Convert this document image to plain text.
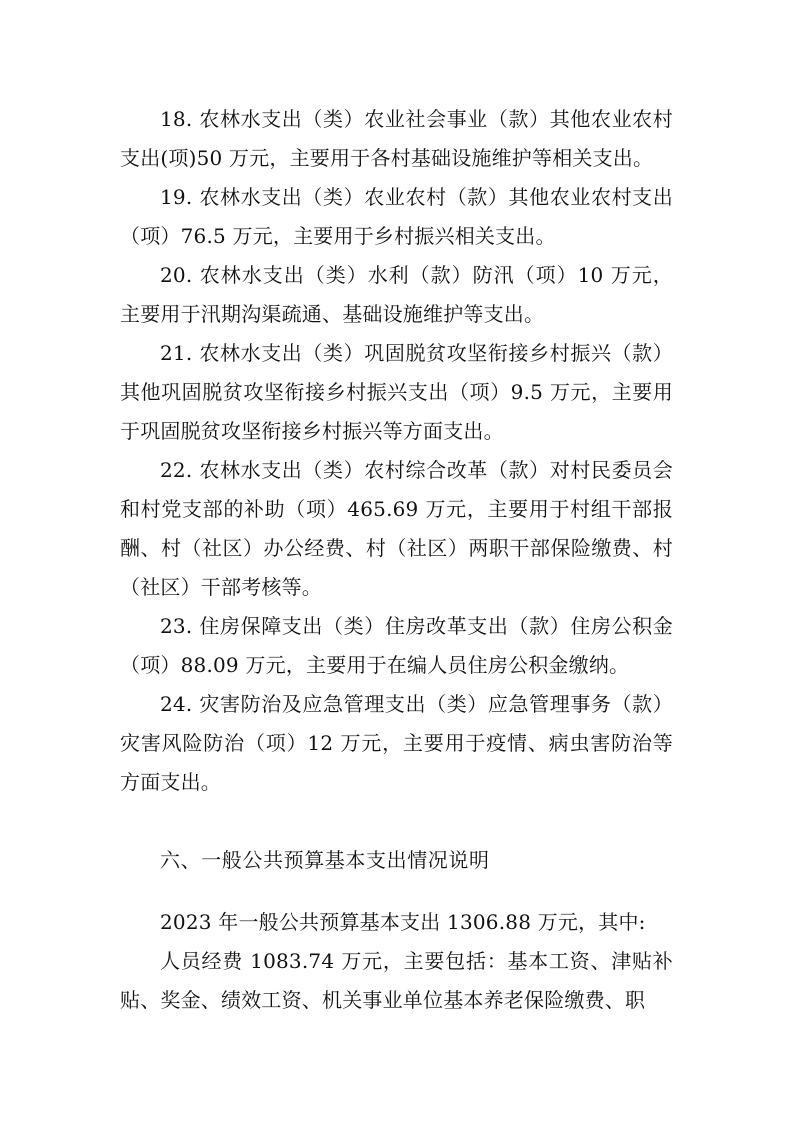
18. 农林水支出（类）农业社会事业（款）其他农业农村支出(项)50 万元，主要用于各村基础设施维护等相关支出。

19. 农林水支出（类）农业农村（款）其他农业农村支出（项）76.5 万元，主要用于乡村振兴相关支出。

20. 农林水支出（类）水利（款）防汛（项）10 万元，主要用于汛期沟渠疏通、基础设施维护等支出。

21. 农林水支出（类）巩固脱贫攻坚衔接乡村振兴（款）其他巩固脱贫攻坚衔接乡村振兴支出（项）9.5 万元，主要用于巩固脱贫攻坚衔接乡村振兴等方面支出。

22. 农林水支出（类）农村综合改革（款）对村民委员会和村党支部的补助（项）465.69 万元，主要用于村组干部报酬、村（社区）办公经费、村（社区）两职干部保险缴费、村（社区）干部考核等。

23. 住房保障支出（类）住房改革支出（款）住房公积金（项）88.09 万元，主要用于在编人员住房公积金缴纳。

24. 灾害防治及应急管理支出（类）应急管理事务（款）灾害风险防治（项）12 万元，主要用于疫情、病虫害防治等方面支出。

六、一般公共预算基本支出情况说明

2023 年一般公共预算基本支出 1306.88 万元，其中:

人员经费 1083.74 万元，主要包括：基本工资、津贴补贴、奖金、绩效工资、机关事业单位基本养老保险缴费、职
